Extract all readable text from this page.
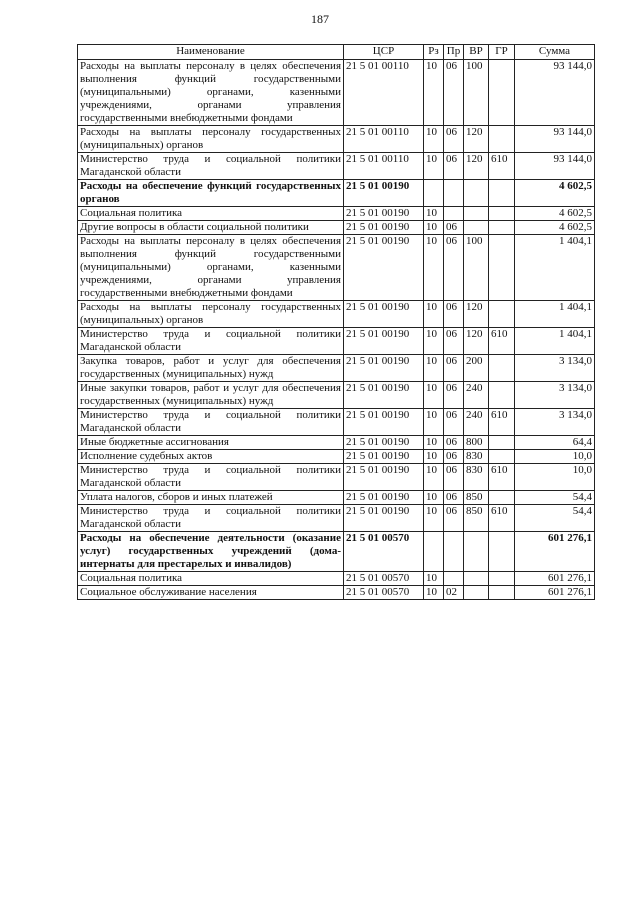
187
Наименование	ЦСР	Рз	Пр	ВР	ГР	Сумма
Расходы на выплаты персоналу в целях обеспечения выполнения функций государственными (муниципальными) органами, казенными учреждениями, органами управления государственными внебюджетными фондами	21 5 01 00110	10	06	100		93 144,0
Расходы на выплаты персоналу государственных (муниципальных) органов	21 5 01 00110	10	06	120		93 144,0
Министерство труда и социальной политики Магаданской области	21 5 01 00110	10	06	120	610	93 144,0
Расходы на обеспечение функций государственных органов	21 5 01 00190					4 602,5
Социальная политика	21 5 01 00190	10				4 602,5
Другие вопросы в области социальной политики	21 5 01 00190	10	06			4 602,5
Расходы на выплаты персоналу в целях обеспечения выполнения функций государственными (муниципальными) органами, казенными учреждениями, органами управления государственными внебюджетными фондами	21 5 01 00190	10	06	100		1 404,1
Расходы на выплаты персоналу государственных (муниципальных) органов	21 5 01 00190	10	06	120		1 404,1
Министерство труда и социальной политики Магаданской области	21 5 01 00190	10	06	120	610	1 404,1
Закупка товаров, работ и услуг для обеспечения государственных (муниципальных) нужд	21 5 01 00190	10	06	200		3 134,0
Иные закупки товаров, работ и услуг для обеспечения государственных (муниципальных) нужд	21 5 01 00190	10	06	240		3 134,0
Министерство труда и социальной политики Магаданской области	21 5 01 00190	10	06	240	610	3 134,0
Иные бюджетные ассигнования	21 5 01 00190	10	06	800		64,4
Исполнение судебных актов	21 5 01 00190	10	06	830		10,0
Министерство труда и социальной политики Магаданской области	21 5 01 00190	10	06	830	610	10,0
Уплата налогов, сборов и иных платежей	21 5 01 00190	10	06	850		54,4
Министерство труда и социальной политики Магаданской области	21 5 01 00190	10	06	850	610	54,4
Расходы на обеспечение деятельности (оказание услуг) государственных учреждений (дома-интернаты для престарелых и инвалидов)	21 5 01 00570					601 276,1
Социальная политика	21 5 01 00570	10				601 276,1
Социальное обслуживание населения	21 5 01 00570	10	02			601 276,1
